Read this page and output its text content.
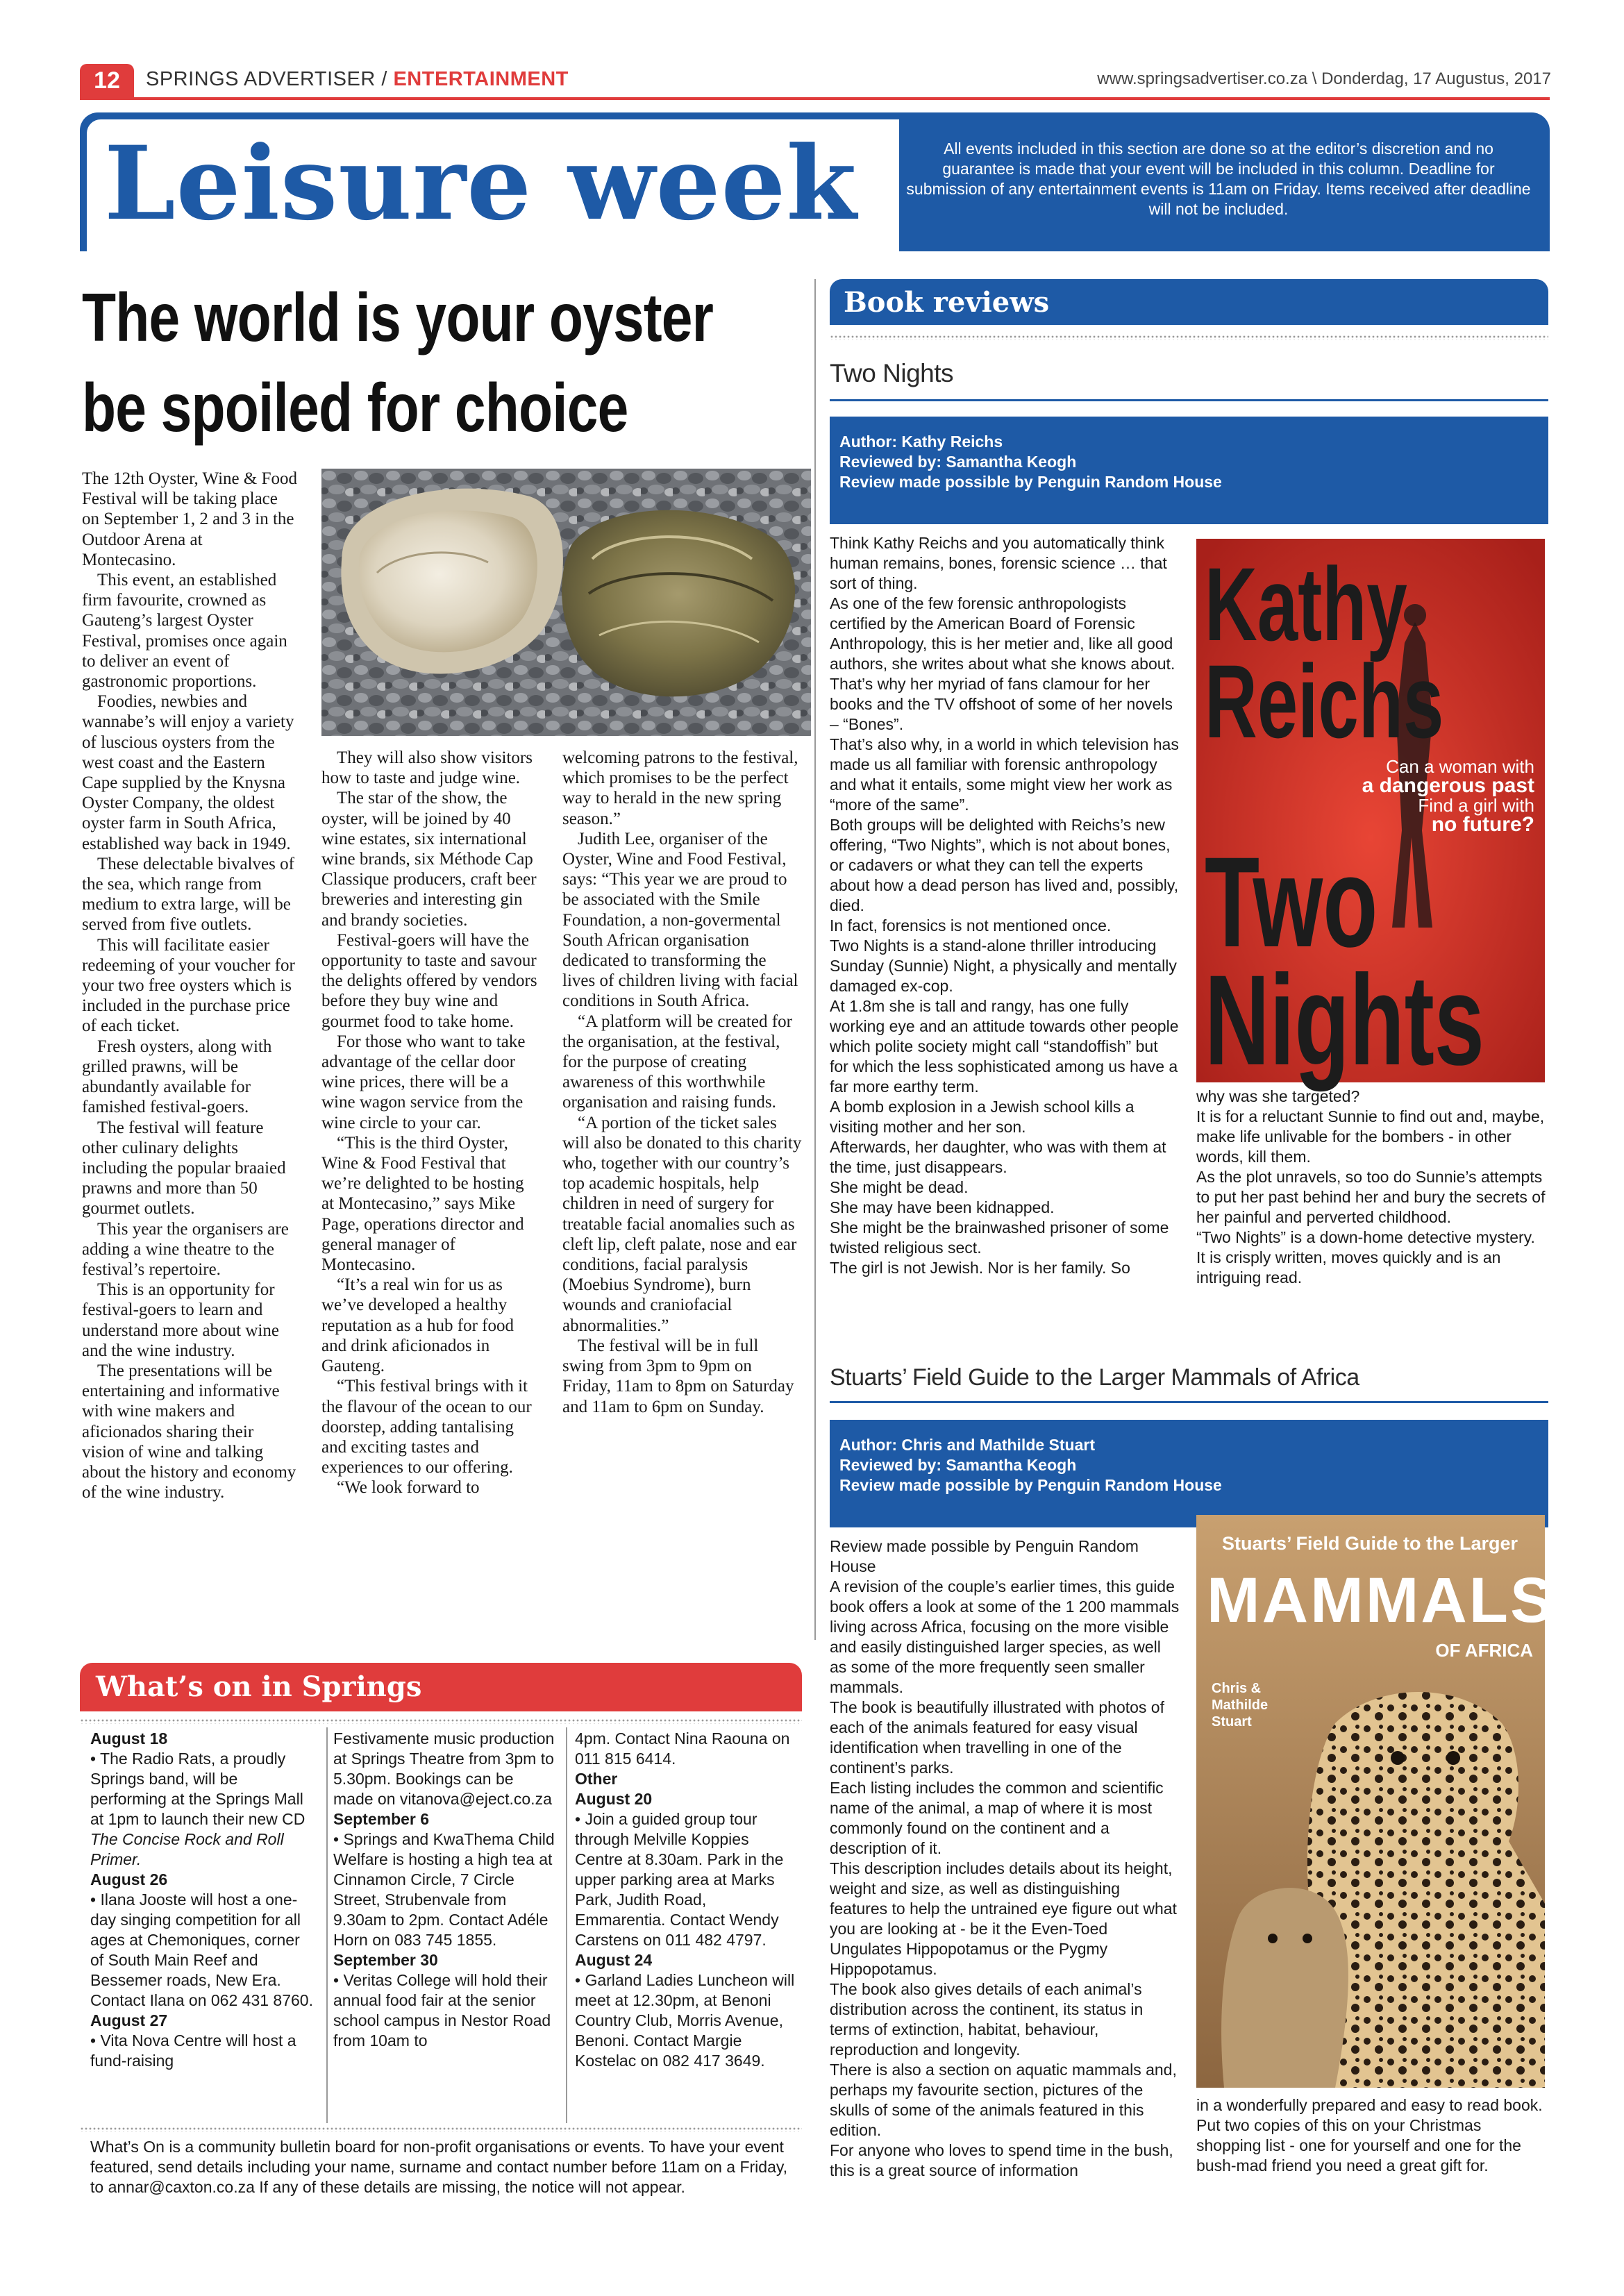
12	SPRINGS ADVERTISER / ENTERTAINMENT	www.springsadvertiser.co.za \ Donderdag, 17 Augustus, 2017
Leisure week	All events included in this section are done so at the editor’s discretion and no guarantee is made that your event will be included in this column. Deadline for submission of any entertainment events is 11am on Friday. Items received after deadline will not be included.
The world is your oyster
be spoiled for choice

The 12th Oyster, Wine & Food Festival will be taking place on September 1, 2 and 3 in the Outdoor Arena at Montecasino.

This event, an established firm favourite, crowned as Gauteng’s largest Oyster Festival, promises once again to deliver an event of gastronomic proportions.

Foodies, newbies and wannabe’s will enjoy a variety of luscious oysters from the west coast and the Eastern Cape supplied by the Knysna Oyster Company, the oldest oyster farm in South Africa, established way back in 1949.

These delectable bivalves of the sea, which range from medium to extra large, will be served from five outlets.

This will facilitate easier redeeming of your voucher for your two free oysters which is included in the purchase price of each ticket.

Fresh oysters, along with grilled prawns, will be abundantly available for famished festival-goers.

The festival will feature other culinary delights including the popular braaied prawns and more than 50 gourmet outlets.

This year the organisers are adding a wine theatre to the festival’s repertoire.

This is an opportunity for festival-goers to learn and understand more about wine and the wine industry.

The presentations will be entertaining and informative with wine makers and aficionados sharing their vision of wine and talking about the history and economy of the wine industry.

They will also show visitors how to taste and judge wine.

The star of the show, the oyster, will be joined by 40 wine estates, six international wine brands, six Méthode Cap Classique producers, craft beer breweries and interesting gin and brandy societies.

Festival-goers will have the opportunity to taste and savour the delights offered by vendors before they buy wine and gourmet food to take home.

For those who want to take advantage of the cellar door wine prices, there will be a wine wagon service from the wine circle to your car.

“This is the third Oyster, Wine & Food Festival that we’re delighted to be hosting at Montecasino,” says Mike Page, operations director and general manager of Montecasino.

“It’s a real win for us as we’ve developed a healthy reputation as a hub for food and drink aficionados in Gauteng.

“This festival brings with it the flavour of the ocean to our doorstep, adding tantalising and exciting tastes and experiences to our offering.

“We look forward to

welcoming patrons to the festival, which promises to be the perfect way to herald in the new spring season.”

Judith Lee, organiser of the Oyster, Wine and Food Festival, says: “This year we are proud to be associated with the Smile Foundation, a non-govermental South African organisation dedicated to transforming the lives of children living with facial conditions in South Africa.

“A platform will be created for the organisation, at the festival, for the purpose of creating awareness of this worthwhile organisation and raising funds.

“A portion of the ticket sales will also be donated to this charity who, together with our country’s top academic hospitals, help children in need of surgery for treatable facial anomalies such as cleft lip, cleft palate, nose and ear conditions, facial paralysis (Moebius Syndrome), burn wounds and craniofacial abnormalities.”

The festival will be in full swing from 3pm to 9pm on Friday, 11am to 8pm on Saturday and 11am to 6pm on Sunday.

Book reviews
Two Nights
Author: Kathy Reichs
Reviewed by: Samantha Keogh
Review made possible by Penguin Random House

Think Kathy Reichs and you automatically think human remains, bones, forensic science … that sort of thing.

As one of the few forensic anthropologists certified by the American Board of Forensic Anthropology, this is her metier and, like all good authors, she writes about what she knows about.

That’s why her myriad of fans clamour for her books and the TV offshoot of some of her novels – “Bones”.

That’s also why, in a world in which television has made us all familiar with forensic anthropology and what it entails, some might view her work as “more of the same”.

Both groups will be delighted with Reichs’s new offering, “Two Nights”, which is not about bones, or cadavers or what they can tell the experts about how a dead person has lived and, possibly, died.

In fact, forensics is not mentioned once.

Two Nights is a stand-alone thriller introducing Sunday (Sunnie) Night, a physically and mentally damaged ex-cop.

At 1.8m she is tall and rangy, has one fully working eye and an attitude towards other people which polite society might call “standoffish” but for which the less sophisticated among us have a far more earthy term.

A bomb explosion in a Jewish school kills a visiting mother and her son.

Afterwards, her daughter, who was with them at the time, just disappears.

She might be dead.

She may have been kidnapped.

She might be the brainwashed prisoner of some twisted religious sect.

The girl is not Jewish. Nor is her family. So

Kathy
Reichs
Can a woman with
a dangerous past
Find a girl with
no future?
Two
Nights

why was she targeted?

It is for a reluctant Sunnie to find out and, maybe, make life unlivable for the bombers - in other words, kill them.

As the plot unravels, so too do Sunnie’s attempts to put her past behind her and bury the secrets of her painful and perverted childhood.

“Two Nights” is a down-home detective mystery.

It is crisply written, moves quickly and is an intriguing read.

Stuarts’ Field Guide to the Larger Mammals of Africa
Author: Chris and Mathilde Stuart
Reviewed by: Samantha Keogh
Review made possible by Penguin Random House

Review made possible by Penguin Random House

A revision of the couple’s earlier times, this guide book offers a look at some of the 1 200 mammals living across Africa, focusing on the more visible and easily distinguished larger species, as well as some of the more frequently seen smaller mammals.

The book is beautifully illustrated with photos of each of the animals featured for easy visual identification when travelling in one of the continent’s parks.

Each listing includes the common and scientific name of the animal, a map of where it is most commonly found on the continent and a description of it.

This description includes details about its height, weight and size, as well as distinguishing features to help the untrained eye figure out what you are looking at - be it the Even-Toed Ungulates Hippopotamus or the Pygmy Hippopotamus.

The book also gives details of each animal’s distribution across the continent, its status in terms of extinction, habitat, behaviour, reproduction and longevity.

There is also a section on aquatic mammals and, perhaps my favourite section, pictures of the skulls of some of the animals featured in this edition.

For anyone who loves to spend time in the bush, this is a great source of information

Stuarts’ Field Guide to the Larger
MAMMALS
OF AFRICA
Chris &
Mathilde
Stuart

in a wonderfully prepared and easy to read book.

Put two copies of this on your Christmas shopping list - one for yourself and one for the bush-mad friend you need a great gift for.

What’s on in Springs
August 18
• The Radio Rats, a proudly Springs band, will be performing at the Springs Mall at 1pm to launch their new CD The Concise Rock and Roll Primer.
August 26
• Ilana Jooste will host a one-day singing competition for all ages at Chemoniques, corner of South Main Reef and Bessemer roads, New Era. Contact Ilana on 062 431 8760.
August 27
• Vita Nova Centre will host a fund-raising
Festivamente music production at Springs Theatre from 3pm to 5.30pm. Bookings can be made on vitanova@eject.co.za
September 6
• Springs and KwaThema Child Welfare is hosting a high tea at Cinnamon Circle, 7 Circle Street, Strubenvale from 9.30am to 2pm. Contact Adéle Horn on 083 745 1855.
September 30
• Veritas College will hold their annual food fair at the senior school campus in Nestor Road from 10am to
4pm. Contact Nina Raouna on 011 815 6414.
Other
August 20
• Join a guided group tour through Melville Koppies Centre at 8.30am. Park in the upper parking area at Marks Park, Judith Road, Emmarentia. Contact Wendy Carstens on 011 482 4797.
August 24
• Garland Ladies Luncheon will meet at 12.30pm, at Benoni Country Club, Morris Avenue, Benoni. Contact Margie Kostelac on 082 417 3649.
What’s On is a community bulletin board for non-profit organisations or events. To have your event featured, send details including your name, surname and contact number before 11am on a Friday, to annar@caxton.co.za If any of these details are missing, the notice will not appear.
